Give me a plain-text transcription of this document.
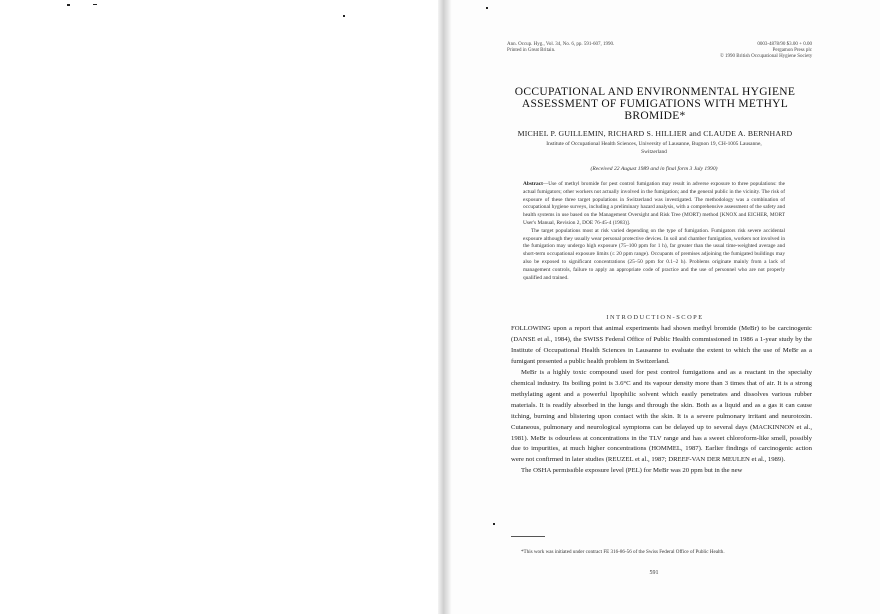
Ann. Occup. Hyg., Vol. 34, No. 6, pp. 591-607, 1990.
Printed in Great Britain.
0003-4878/90 $3.00 + 0.00
Pergamon Press plc
© 1990 British Occupational Hygiene Society
OCCUPATIONAL AND ENVIRONMENTAL HYGIENE
ASSESSMENT OF FUMIGATIONS WITH METHYL
BROMIDE*
MICHEL P. GUILLEMIN, RICHARD S. HILLIER and CLAUDE A. BERNHARD
Institute of Occupational Health Sciences, University of Lausanne, Bugnon 19, CH-1005 Lausanne,
Switzerland
(Received 22 August 1989 and in final form 3 July 1990)

Abstract—Use of methyl bromide for pest control fumigation may result in adverse exposure to three populations: the actual fumigators; other workers not actually involved in the fumigation; and the general public in the vicinity. The risk of exposure of these three target populations in Switzerland was investigated. The methodology was a combination of occupational hygiene surveys, including a preliminary hazard analysis, with a comprehensive assessment of the safety and health systems in use based on the Management Oversight and Risk Tree (MORT) method [KNOX and EICHER, MORT User's Manual, Revision 2, DOE 76-45-4 (1983)].

The target populations most at risk varied depending on the type of fumigation. Fumigators risk severe accidental exposure although they usually wear personal protective devices. In soil and chamber fumigation, workers not involved in the fumigation may undergo high exposure (75–100 ppm for 1 h), far greater than the usual time-weighted average and short-term occupational exposure limits (≤ 20 ppm range). Occupants of premises adjoining the fumigated buildings may also be exposed to significant concentrations (25–50 ppm for 0.1–2 h). Problems originate mainly from a lack of management controls, failure to apply an appropriate code of practice and the use of personnel who are not properly qualified and trained.

INTRODUCTION-SCOPE

FOLLOWING upon a report that animal experiments had shown methyl bromide (MeBr) to be carcinogenic (DANSE et al., 1984), the SWISS Federal Office of Public Health commissioned in 1986 a 1-year study by the Institute of Occupational Health Sciences in Lausanne to evaluate the extent to which the use of MeBr as a fumigant presented a public health problem in Switzerland.

MeBr is a highly toxic compound used for pest control fumigations and as a reactant in the specialty chemical industry. Its boiling point is 3.6°C and its vapour density more than 3 times that of air. It is a strong methylating agent and a powerful lipophilic solvent which easily penetrates and dissolves various rubber materials. It is readily absorbed in the lungs and through the skin. Both as a liquid and as a gas it can cause itching, burning and blistering upon contact with the skin. It is a severe pulmonary irritant and neurotoxin. Cutaneous, pulmonary and neurological symptoms can be delayed up to several days (MACKINNON et al., 1981). MeBr is odourless at concentrations in the TLV range and has a sweet chloroform-like smell, possibly due to impurities, at much higher concentrations (HOMMEL, 1987). Earlier findings of carcinogenic action were not confirmed in later studies (REUZEL et al., 1987; DREEF-VAN DER MEULEN et al., 1989).

The OSHA permissible exposure level (PEL) for MeBr was 20 ppm but in the new

*This work was initiated under contract FE 316-86-56 of the Swiss Federal Office of Public Health.
591
